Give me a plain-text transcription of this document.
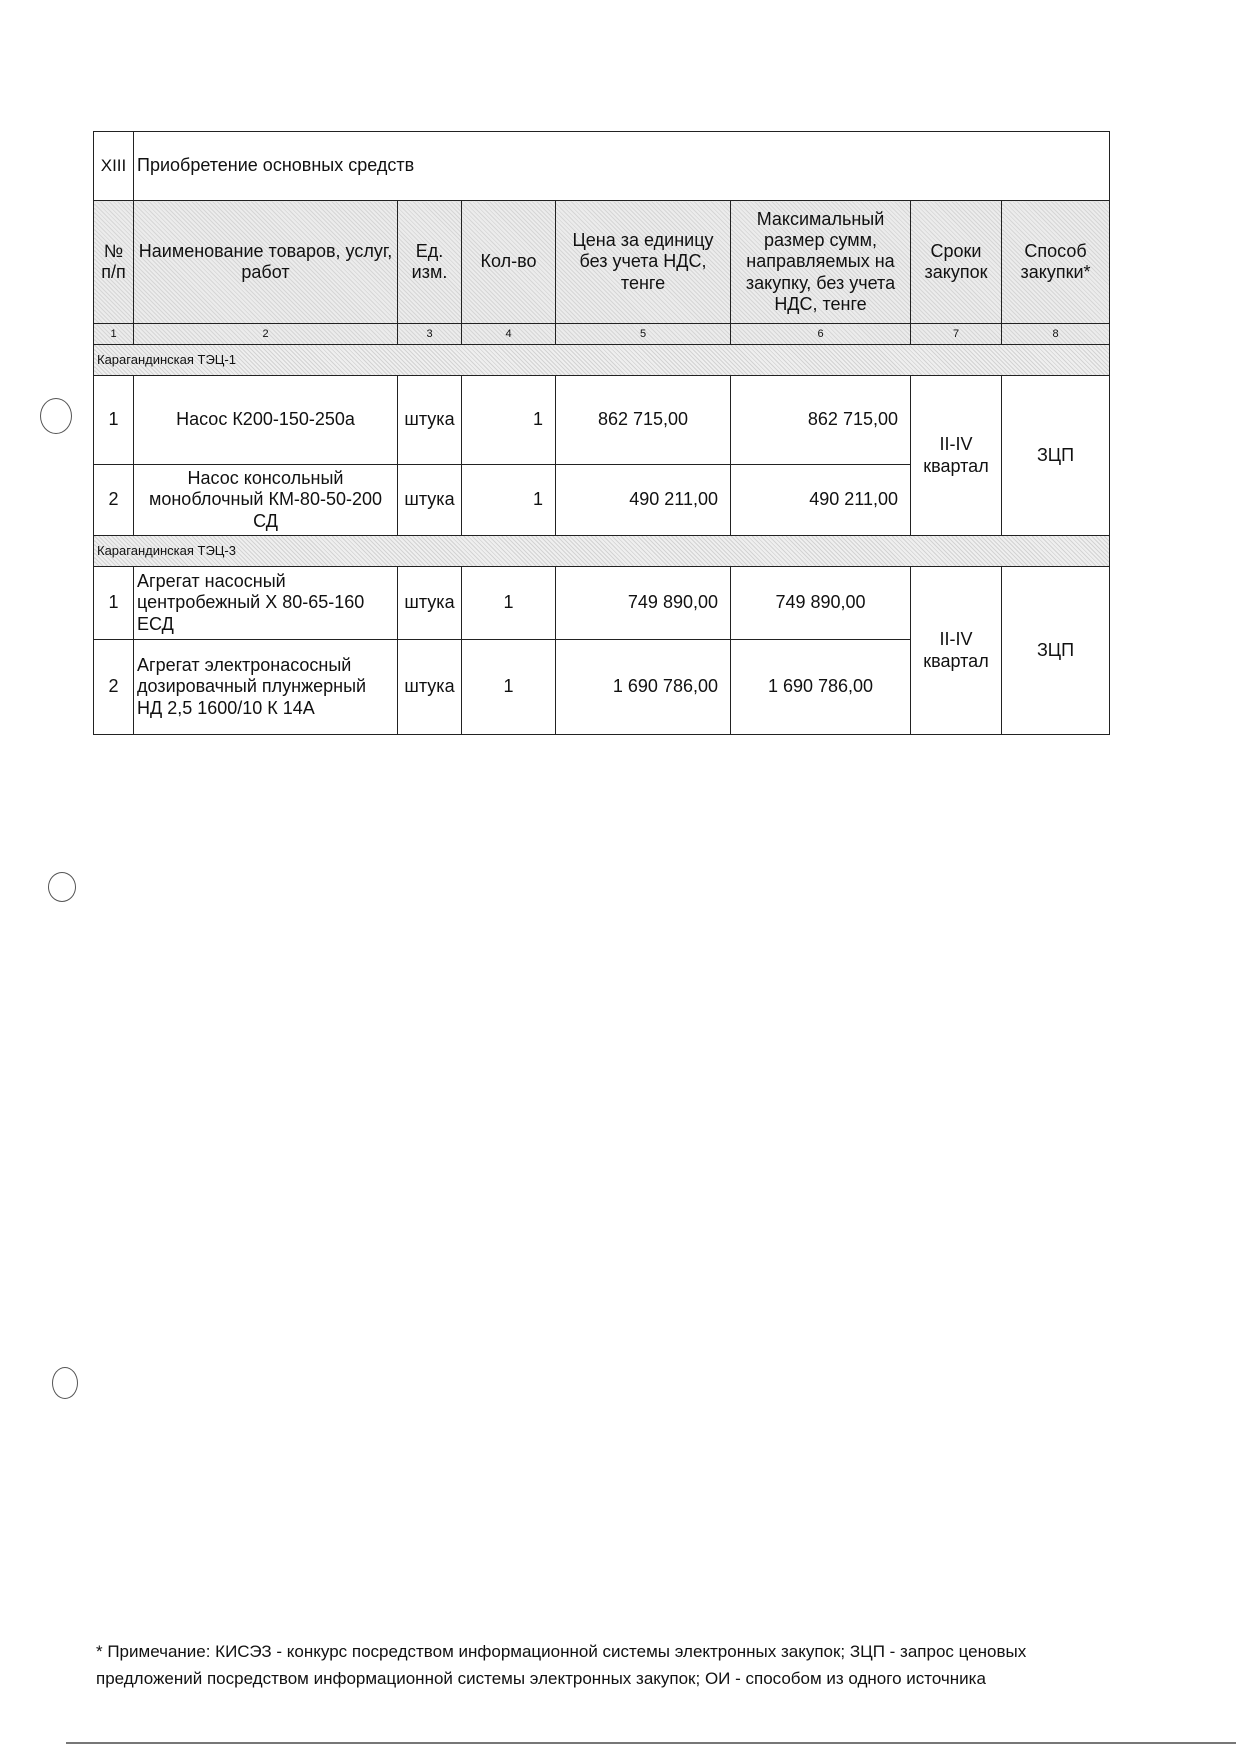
XIII	Приобретение основных средств						
№ п/п	Наименование товаров, услуг, работ	Ед. изм.	Кол-во	Цена за единицу без учета НДС, тенге	Максимальный размер сумм, направляемых на закупку, без учета НДС, тенге	Сроки закупок	Способ закупки*
1	2	3	4	5	6	7	8
Карагандинская ТЭЦ-1							
1	Насос К200-150-250а	штука	1	862 715,00	862 715,00	II-IV квартал	ЗЦП
2	Насос консольный моноблочный КМ-80-50-200 СД	штука	1	490 211,00	490 211,00		
Карагандинская ТЭЦ-3							
1	Агрегат насосный центробежный X 80-65-160 ЕСД	штука	1	749 890,00	749 890,00	II-IV квартал	ЗЦП
2	Агрегат электронасосный дозировачный плунжерный НД 2,5 1600/10 К 14А	штука	1	1 690 786,00	1 690 786,00		
* Примечание: КИСЭЗ - конкурс посредством информационной системы электронных закупок; ЗЦП - запрос ценовых предложений посредством информационной системы электронных закупок; ОИ - способом из одного источника
